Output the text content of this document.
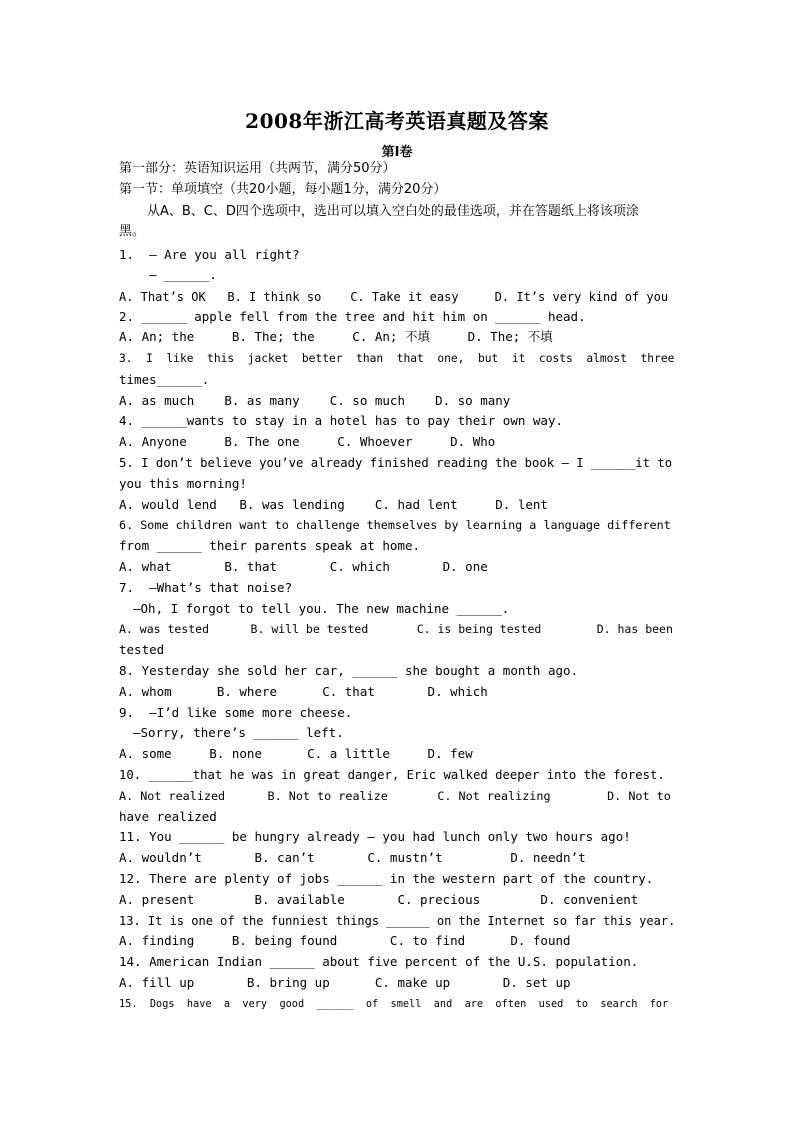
2008年浙江高考英语真题及答案
第Ⅰ卷
第一部分：英语知识运用（共两节，满分50分）
第一节：单项填空（共20小题，每小题1分，满分20分）
从A、B、C、D四个选项中，选出可以填入空白处的最佳选项，并在答题纸上将该项涂
黑。
1.  — Are you all right?
— ______.
A. That’s OK   B. I think so    C. Take it easy     D. It’s very kind of you
2. ______ apple fell from the tree and hit him on ______ head.
A. An; the     B. The; the     C. An; 不填     D. The; 不填
3.  I  like  this  jacket  better  than  that  one,  but  it  costs  almost  three
times______.
A. as much    B. as many    C. so much    D. so many
4. ______wants to stay in a hotel has to pay their own way.
A. Anyone     B. The one     C. Whoever     D. Who
5. I don’t believe you’ve already finished reading the book — I ______it to
you this morning!
A. would lend   B. was lending    C. had lent     D. lent
6. Some children want to challenge themselves by learning a language different
from ______ their parents speak at home.
A. what       B. that       C. which       D. one
7.  —What’s that noise?
—Oh, I forgot to tell you. The new machine ______.
A. was tested      B. will be tested       C. is being tested        D. has been
tested
8. Yesterday she sold her car, ______ she bought a month ago.
A. whom      B. where      C. that       D. which
9.  —I’d like some more cheese.
—Sorry, there’s ______ left.
A. some     B. none      C. a little     D. few
10. ______that he was in great danger, Eric walked deeper into the forest.
A. Not realized      B. Not to realize       C. Not realizing        D. Not to
have realized
11. You ______ be hungry already — you had lunch only two hours ago!
A. wouldn’t       B. can’t       C. mustn’t         D. needn’t
12. There are plenty of jobs ______ in the western part of the country.
A. present        B. available       C. precious        D. convenient
13. It is one of the funniest things ______ on the Internet so far this year.
A. finding     B. being found       C. to find      D. found
14. American Indian ______ about five percent of the U.S. population.
A. fill up       B. bring up      C. make up       D. set up
15.  Dogs  have  a  very  good  ______  of  smell  and  are  often  used  to  search  for
